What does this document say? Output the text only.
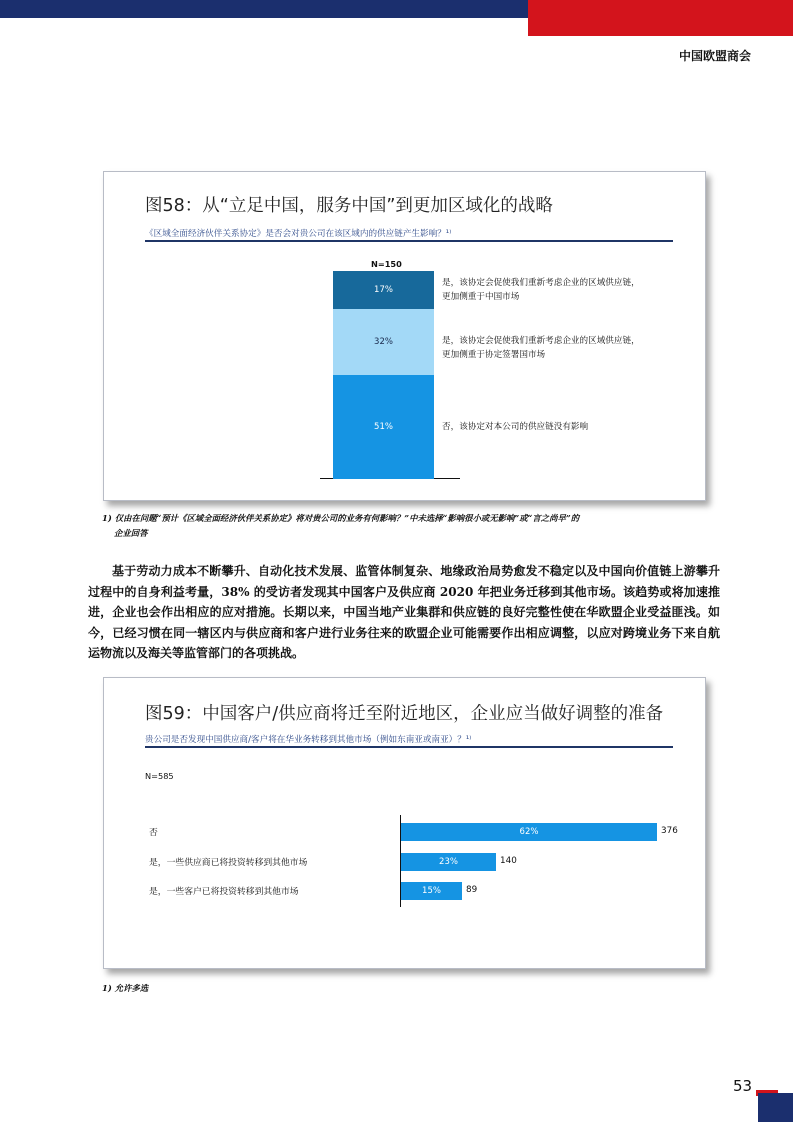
中国欧盟商会
图58：从“立足中国，服务中国”到更加区域化的战略
《区域全面经济伙伴关系协定》是否会对贵公司在该区域内的供应链产生影响？¹⁾
N=150
17%
32%
51%
是，该协定会促使我们重新考虑企业的区域供应链，
更加侧重于中国市场
是，该协定会促使我们重新考虑企业的区域供应链，
更加侧重于协定签署国市场
否，该协定对本公司的供应链没有影响
1) 仅由在问题“预计《区域全面经济伙伴关系协定》将对贵公司的业务有何影响？”中未选择“影响很小或无影响”或“言之尚早”的
企业回答
基于劳动力成本不断攀升、自动化技术发展、监管体制复杂、地缘政治局势愈发不稳定以及中国向价值链上游攀升过程中的自身利益考量，38% 的受访者发现其中国客户及供应商 2020 年把业务迁移到其他市场。该趋势或将加速推进，企业也会作出相应的应对措施。长期以来，中国当地产业集群和供应链的良好完整性使在华欧盟企业受益匪浅。如今，已经习惯在同一辖区内与供应商和客户进行业务往来的欧盟企业可能需要作出相应调整，以应对跨境业务下来自航运物流以及海关等监管部门的各项挑战。
图59：中国客户/供应商将迁至附近地区，企业应当做好调整的准备
贵公司是否发现中国供应商/客户将在华业务转移到其他市场（例如东南亚或南亚）？¹⁾
N=585
否
是，一些供应商已将投资转移到其他市场
是，一些客户已将投资转移到其他市场
62%
23%
15%
376
140
89
1) 允许多选
53
